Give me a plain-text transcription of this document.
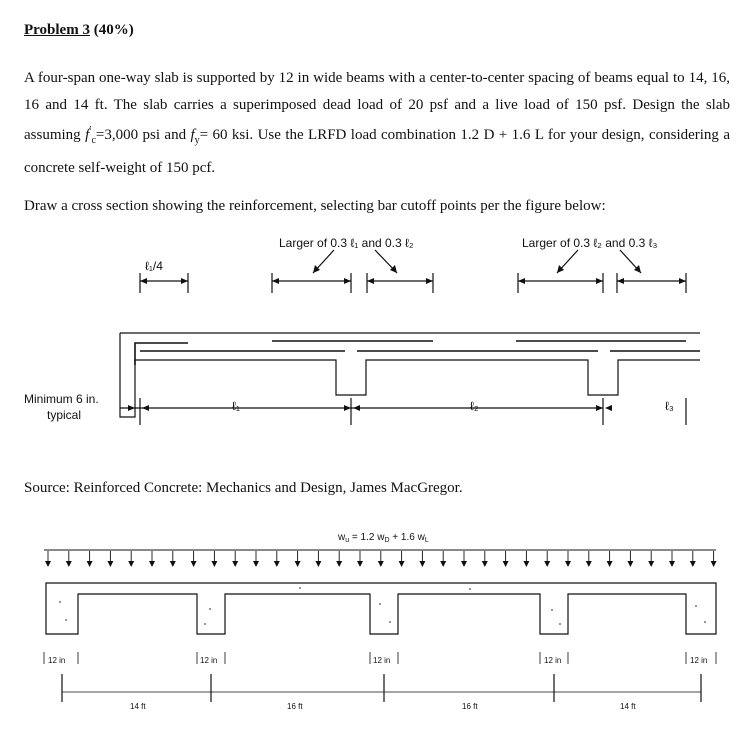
Problem 3 (40%)

A four-span one-way slab is supported by 12 in wide beams with a center-to-center spacing of beams equal to 14, 16, 16 and 14 ft. The slab carries a superimposed dead load of 20 psf and a live load of 150 psf. Design the slab assuming $f'_c=3,000$ psi and $f_y= 60$ ksi. Use the LRFD load combination 1.2 D + 1.6 L for your design, considering a concrete self-weight of 150 pcf.

Draw a cross section showing the reinforcement, selecting bar cutoff points per the figure below:

ℓ₁/4
Larger of 0.3 ℓ₁ and 0.3 ℓ₂	Larger of 0.3 ℓ₂ and 0.3 ℓ₃
Minimum 6 in.
typical
ℓ₁	ℓ₂	ℓ₃

Source: Reinforced Concrete: Mechanics and Design, James MacGregor.

$w_u = 1.2$ $w_D + 1.6$ $w_L$
12 in	12 in	12 in	12 in	12 in
14 ft	16 ft	16 ft	14 ft
